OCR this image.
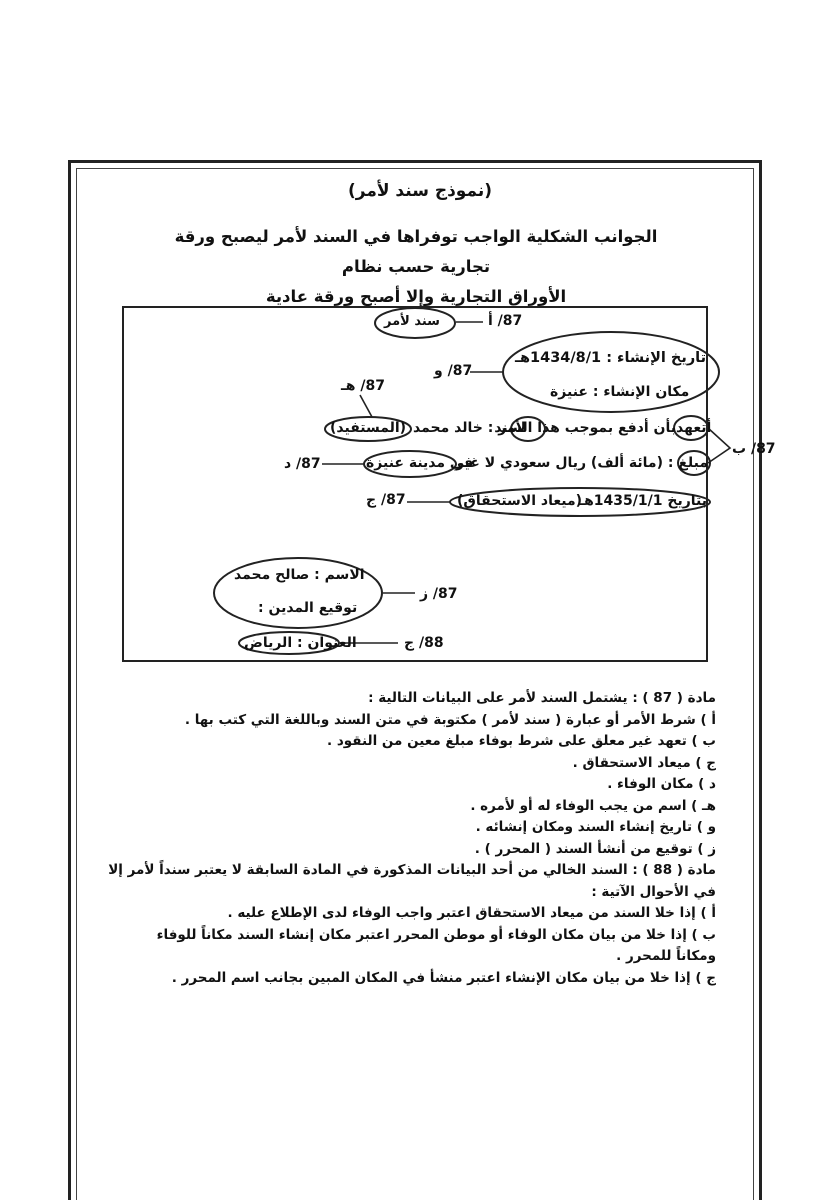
(نموذج سند لأمر)
الجوانب الشكلية الواجب توفراها في السند لأمر ليصبح ورقة تجارية حسب نظام
الأوراق التجارية وإلا أصبح ورقة عادية
سند لأمر	87/ أ
تاريخ الإنشاء : 1434/8/1هـ
مكان الإنشاء : عنيزة
87/ و
87/ هـ
أتعهد
بأن أدفع بموجب هذا السند
لأمر : خالد محمد
(المستفيد)
87/ ب
مبلغ : (مائة ألف) ريال سعودي لا غير
في مدينة عنيزة
87/ د
بتاريخ 1435/1/1هـ
(ميعاد الاستحقاق)
87/ ج
الاسم : صالح محمد
توقيع المدين :
87/ ز
العنوان : الرياض	88/ ج
مادة ( 87 ) : يشتمل السند لأمر على البيانات التالية :
أ ) شرط الأمر أو عبارة ( سند لأمر ) مكتوبة في متن السند وباللغة التي كتب بها .
ب ) تعهد غير معلق على شرط بوفاء مبلغ معين من النقود .
ج ) ميعاد الاستحقاق .
د ) مكان الوفاء .
هـ ) اسم من يجب الوفاء له أو لأمره .
و ) تاريخ إنشاء السند ومكان إنشائه .
ز ) توقيع من أنشأ السند ( المحرر ) .
مادة ( 88 ) : السند الخالي من أحد البيانات المذكورة في المادة السابقة لا يعتبر سنداً لأمر إلا
في الأحوال الآتية :
أ ) إذا خلا السند من ميعاد الاستحقاق اعتبر واجب الوفاء لدى الإطلاع عليه .
ب ) إذا خلا من بيان مكان الوفاء أو موطن المحرر اعتبر مكان إنشاء السند مكاناً للوفاء
ومكاناً للمحرر .
ج ) إذا خلا من بيان مكان الإنشاء اعتبر منشأ في المكان المبين بجانب اسم المحرر .
